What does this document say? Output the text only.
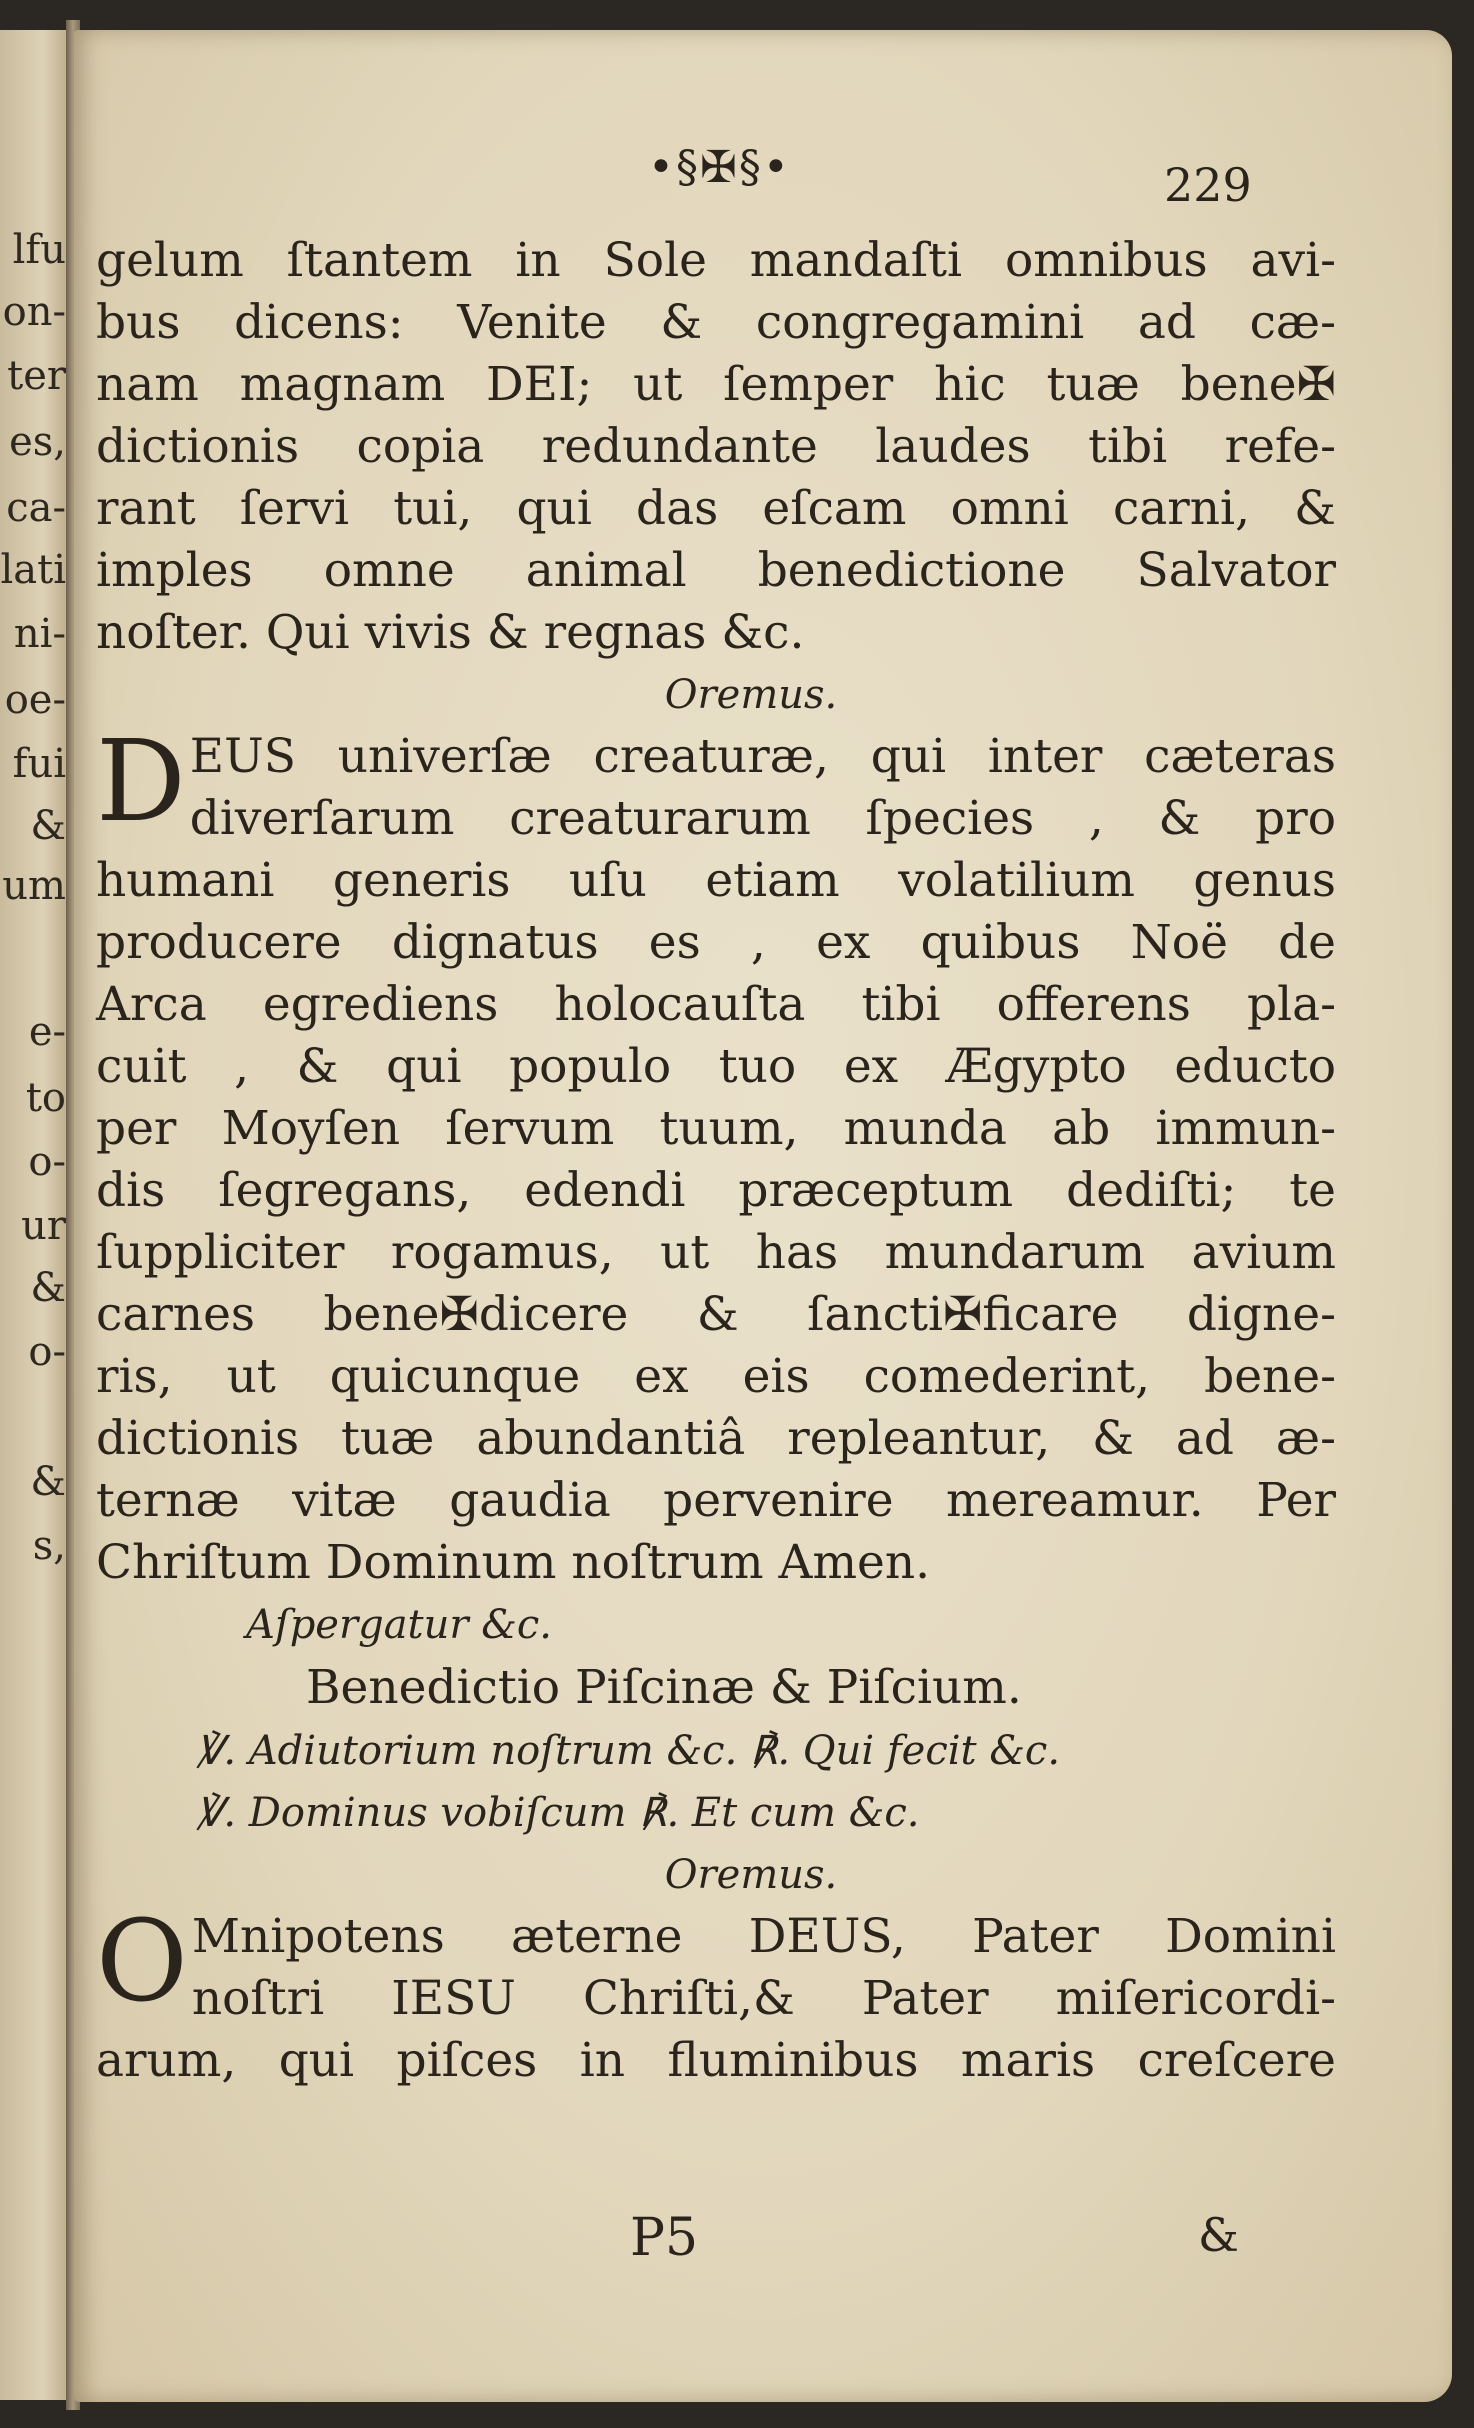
lfu
on-
ter
es,
ca-
lati
ni-
oe-
fui
&
um
e-
to
o-
ur
&
o-
&
s,
•§✠§•	229
gelum ſtantem in Sole mandaſti omnibus avi-
bus dicens: Venite & congregamini ad cæ-
nam magnam DEI; ut ſemper hic tuæ bene✠
dictionis copia redundante laudes tibi refe-
rant ſervi tui, qui das eſcam omni carni, &
imples omne animal benedictione Salvator
noſter. Qui vivis & regnas &c.
Oremus.
D EUS univerſæ creaturæ, qui inter cæteras
diverſarum creaturarum ſpecies , & pro
humani generis uſu etiam volatilium genus
producere dignatus es , ex quibus Noë de
Arca egrediens holocauſta tibi offerens pla-
cuit , & qui populo tuo ex Ægypto educto
per Moyſen ſervum tuum, munda ab immun-
dis ſegregans, edendi præceptum dediſti; te
ſuppliciter rogamus, ut has mundarum avium
carnes bene✠dicere & ſancti✠ficare digne-
ris, ut quicunque ex eis comederint, bene-
dictionis tuæ abundantiâ repleantur, & ad æ-
ternæ vitæ gaudia pervenire mereamur. Per
Chriſtum Dominum noſtrum Amen.
Aſpergatur &c.
Benedictio Piſcinæ & Piſcium.
℣. Adiutorium noſtrum &c. ℟. Qui fecit &c.
℣. Dominus vobiſcum ℟. Et cum &c.
Oremus.
O Mnipotens æterne DEUS, Pater Domini
noſtri IESU Chriſti,& Pater miſericordi-
arum, qui piſces in fluminibus maris creſcere
P5	&
